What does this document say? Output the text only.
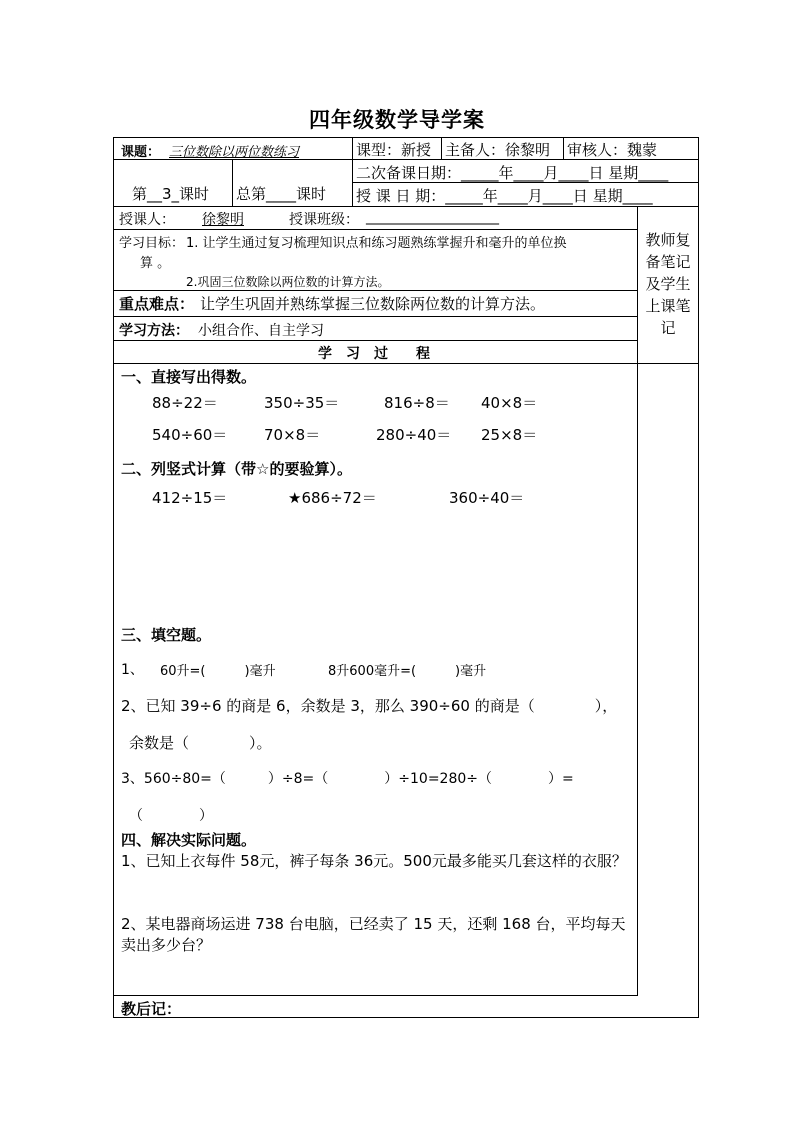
四年级数学导学案
课题： 三位数除以两位数练习	课型：新授 主备人：徐黎明 审核人：魏蒙
第__3_课时 总第____课时
二次备课日期：_____年____月____日 星期____
授 课 日 期：_____年____月____日 星期____
授课人：	徐黎明	授课班级： ___________________
学习目标： 1. 让学生通过复习梳理知识点和练习题熟练掌握升和毫升的单位换
算 。
2.巩固三位数除以两位数的计算方法。
重点难点： 让学生巩固并熟练掌握三位数除两位数的计算方法。
学习方法： 小组合作、自主学习
教师复备笔记及学生上课笔记
学　习　过　　程
一、直接写出得数。
88÷22＝	350÷35＝	816÷8＝ 40×8＝
540÷60＝ 70×8＝	280÷40＝ 25×8＝
二、列竖式计算（带☆的要验算）。
412÷15＝	★686÷72＝	360÷40＝
三、填空题。
1、 60升=(　　　)毫升	8升600毫升=(　　　)毫升
2、已知 39÷6 的商是 6，余数是 3，那么 390÷60 的商是（　　　　），
余数是（　　　　）。
3、560÷80=（　　　）÷8=（　　　　）÷10=280÷（　　　　）=
（　　　　）
四、解决实际问题。
1、已知上衣每件 58元，裤子每条 36元。500元最多能买几套这样的衣服？
2、某电器商场运进 738 台电脑，已经卖了 15 天，还剩 168 台，平均每天
卖出多少台？
教后记：
